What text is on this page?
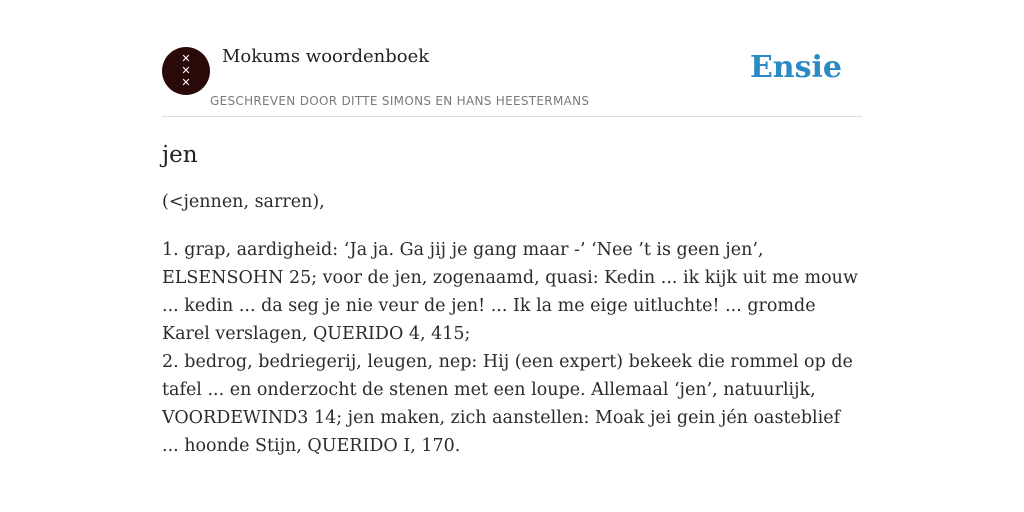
✕
✕
✕
Mokums woordenboek
GESCHREVEN DOOR DITTE SIMONS EN HANS HEESTERMANS
Ensie
jen
(<jennen, sarren),

1. grap, aardigheid: ‘Ja ja. Ga jij je gang maar -’ ‘Nee ’t is geen jen’, ELSENSOHN 25; voor de jen, zogenaamd, quasi: Kedin ... ik kijk uit me mouw ... kedin ... da seg je nie veur de jen! ... Ik la me eige uitluchte! ... gromde Karel verslagen, QUERIDO 4, 415;

2. bedrog, bedriegerij, leugen, nep: Hij (een expert) bekeek die rommel op de tafel ... en onderzocht de stenen met een loupe. Allemaal ‘jen’, natuurlijk, VOORDEWIND3 14; jen maken, zich aanstellen: Moak jei gein jén oasteblief ... hoonde Stijn, QUERIDO I, 170.
